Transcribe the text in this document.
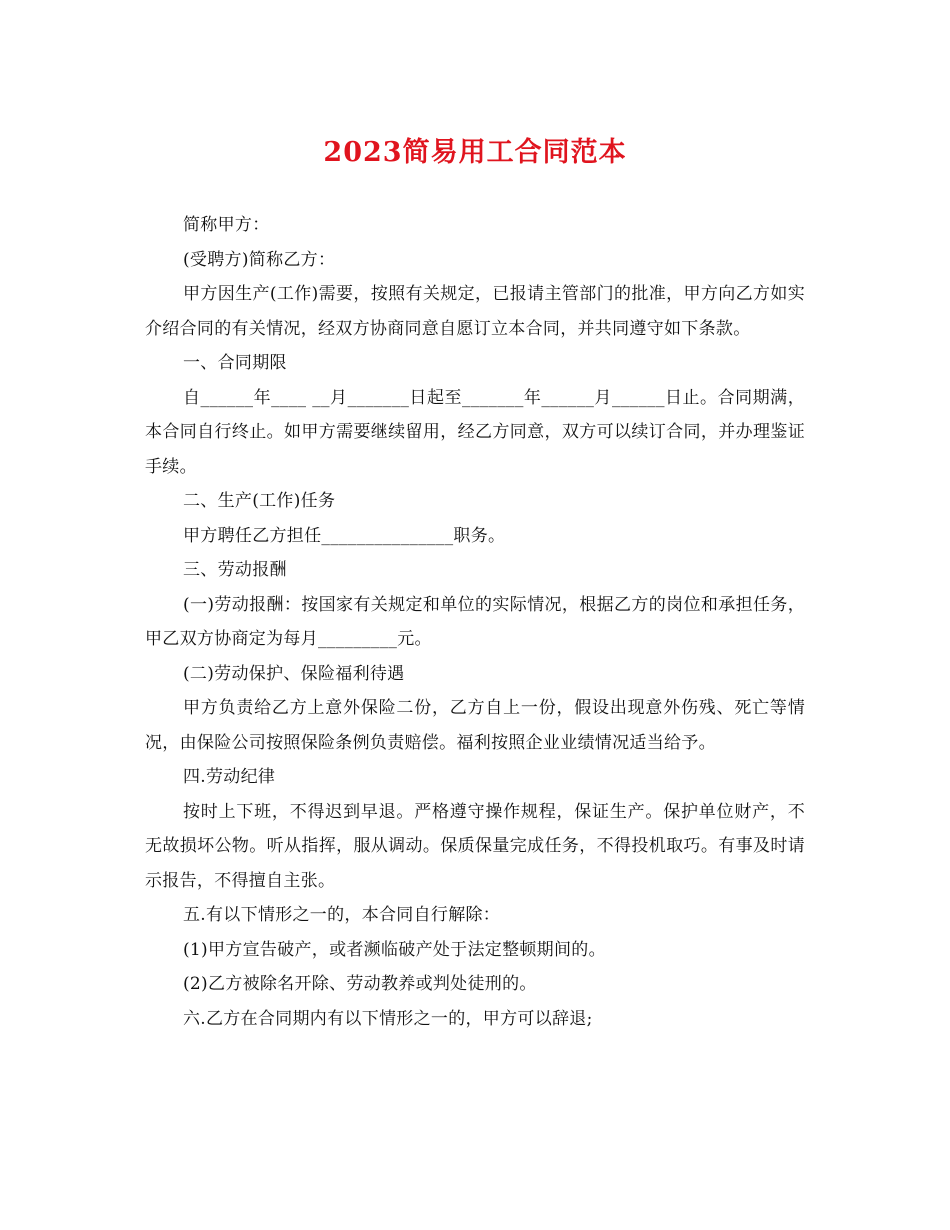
2023简易用工合同范本

简称甲方：

(受聘方)简称乙方：

甲方因生产(工作)需要，按照有关规定，已报请主管部门的批准，甲方向乙方如实介绍合同的有关情况，经双方协商同意自愿订立本合同，并共同遵守如下条款。

一、合同期限

自______年____ __月_______日起至_______年______月______日止。合同期满，本合同自行终止。如甲方需要继续留用，经乙方同意，双方可以续订合同，并办理鉴证手续。

二、生产(工作)任务

甲方聘任乙方担任_______________职务。

三、劳动报酬

(一)劳动报酬：按国家有关规定和单位的实际情况，根据乙方的岗位和承担任务，甲乙双方协商定为每月_________元。

(二)劳动保护、保险福利待遇

甲方负责给乙方上意外保险二份，乙方自上一份，假设出现意外伤残、死亡等情况，由保险公司按照保险条例负责赔偿。福利按照企业业绩情况适当给予。

四.劳动纪律

按时上下班，不得迟到早退。严格遵守操作规程，保证生产。保护单位财产，不无故损坏公物。听从指挥，服从调动。保质保量完成任务，不得投机取巧。有事及时请示报告，不得擅自主张。

五.有以下情形之一的，本合同自行解除：

(1)甲方宣告破产，或者濒临破产处于法定整顿期间的。

(2)乙方被除名开除、劳动教养或判处徒刑的。

六.乙方在合同期内有以下情形之一的，甲方可以辞退;
